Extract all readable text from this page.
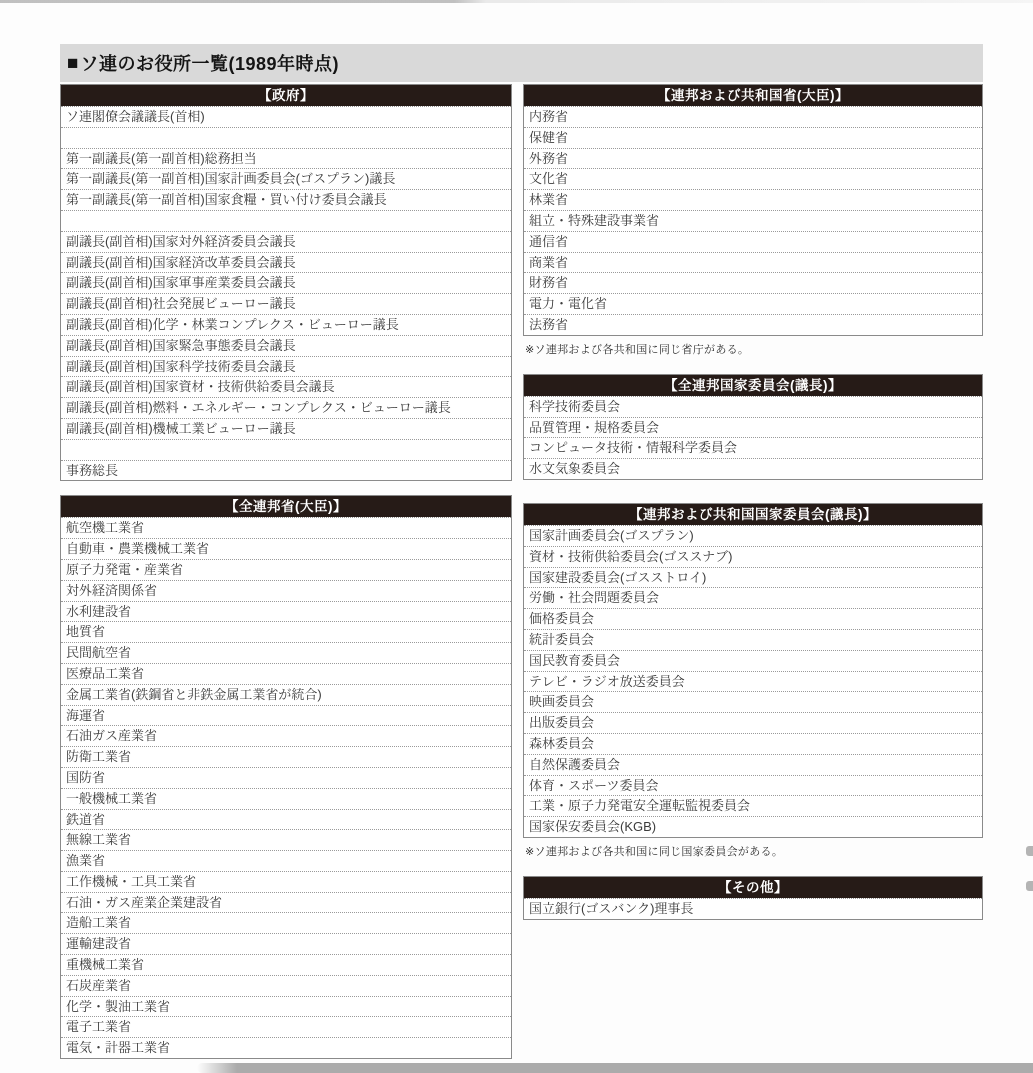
■ ソ連のお役所一覧(1989年時点)
【政府】
ソ連閣僚会議議長(首相)
第一副議長(第一副首相)総務担当
第一副議長(第一副首相)国家計画委員会(ゴスプラン)議長
第一副議長(第一副首相)国家食糧・買い付け委員会議長
副議長(副首相)国家対外経済委員会議長
副議長(副首相)国家経済改革委員会議長
副議長(副首相)国家軍事産業委員会議長
副議長(副首相)社会発展ビューロー議長
副議長(副首相)化学・林業コンプレクス・ビューロー議長
副議長(副首相)国家緊急事態委員会議長
副議長(副首相)国家科学技術委員会議長
副議長(副首相)国家資材・技術供給委員会議長
副議長(副首相)燃料・エネルギー・コンプレクス・ビューロー議長
副議長(副首相)機械工業ビューロー議長
事務総長
【全連邦省(大臣)】
航空機工業省
自動車・農業機械工業省
原子力発電・産業省
対外経済関係省
水利建設省
地質省
民間航空省
医療品工業省
金属工業省(鉄鋼省と非鉄金属工業省が統合)
海運省
石油ガス産業省
防衛工業省
国防省
一般機械工業省
鉄道省
無線工業省
漁業省
工作機械・工具工業省
石油・ガス産業企業建設省
造船工業省
運輸建設省
重機械工業省
石炭産業省
化学・製油工業省
電子工業省
電気・計器工業省
【連邦および共和国省(大臣)】
内務省
保健省
外務省
文化省
林業省
組立・特殊建設事業省
通信省
商業省
財務省
電力・電化省
法務省
※ソ連邦および各共和国に同じ省庁がある。
【全連邦国家委員会(議長)】
科学技術委員会
品質管理・規格委員会
コンピュータ技術・情報科学委員会
水文気象委員会
【連邦および共和国国家委員会(議長)】
国家計画委員会(ゴスプラン)
資材・技術供給委員会(ゴススナブ)
国家建設委員会(ゴスストロイ)
労働・社会問題委員会
価格委員会
統計委員会
国民教育委員会
テレビ・ラジオ放送委員会
映画委員会
出版委員会
森林委員会
自然保護委員会
体育・スポーツ委員会
工業・原子力発電安全運転監視委員会
国家保安委員会(KGB)
※ソ連邦および各共和国に同じ国家委員会がある。
【その他】
国立銀行(ゴスバンク)理事長
